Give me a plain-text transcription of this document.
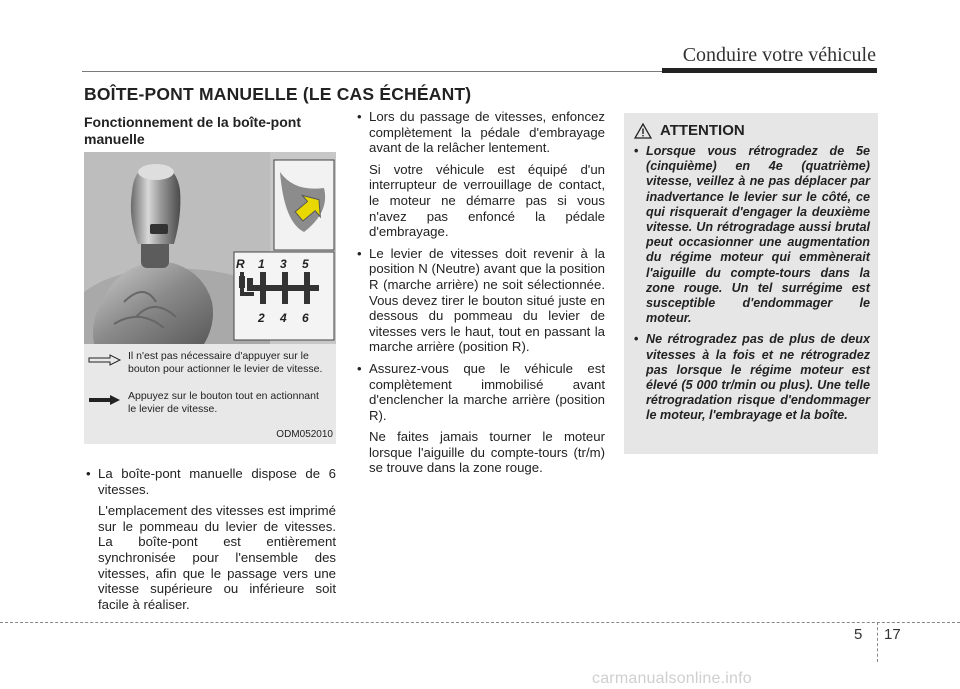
Conduire votre véhicule
BOÎTE-PONT MANUELLE (LE CAS ÉCHÉANT)
Fonctionnement de la boîte-pont manuelle
R 1 3 5
2 4 6
Il n'est pas nécessaire d'appuyer sur le bouton pour actionner le levier de vitesse.
Appuyez sur le bouton tout en actionnant le levier de vitesse.
ODM052010

• La boîte-pont manuelle dispose de 6 vitesses.

L'emplacement des vitesses est imprimé sur le pommeau du levier de vitesses. La boîte-pont est entièrement synchronisée pour l'ensemble des vitesses, afin que le passage vers une vitesse supérieure ou inférieure soit facile à réaliser.

• Lors du passage de vitesses, enfoncez complètement la pédale d'embrayage avant de la relâcher lentement.

Si votre véhicule est équipé d'un interrupteur de verrouillage de contact, le moteur ne démarre pas si vous n'avez pas enfoncé la pédale d'embrayage.

• Le levier de vitesses doit revenir à la position N (Neutre) avant que la position R (marche arrière) ne soit sélectionnée. Vous devez tirer le bouton situé juste en dessous du pommeau du levier de vitesses vers le haut, tout en passant la marche arrière (position R).

• Assurez-vous que le véhicule est complètement immobilisé avant d'enclencher la marche arrière (position R).

Ne faites jamais tourner le moteur lorsque l'aiguille du compte-tours (tr/m) se trouve dans la zone rouge.

ATTENTION

• Lorsque vous rétrogradez de 5e (cinquième) en 4e (quatrième) vitesse, veillez à ne pas déplacer par inadvertance le levier sur le côté, ce qui risquerait d'engager la deuxième vitesse. Un rétrogradage aussi brutal peut occasionner une augmentation du régime moteur qui emmènerait l'aiguille du compte-tours dans la zone rouge. Un tel surrégime est susceptible d'endommager le moteur.

• Ne rétrogradez pas de plus de deux vitesses à la fois et ne rétrogradez pas lorsque le régime moteur est élevé (5 000 tr/min ou plus). Une telle rétrogradation risque d'endommager le moteur, l'embrayage et la boîte.

5 17
carmanualsonline.info
